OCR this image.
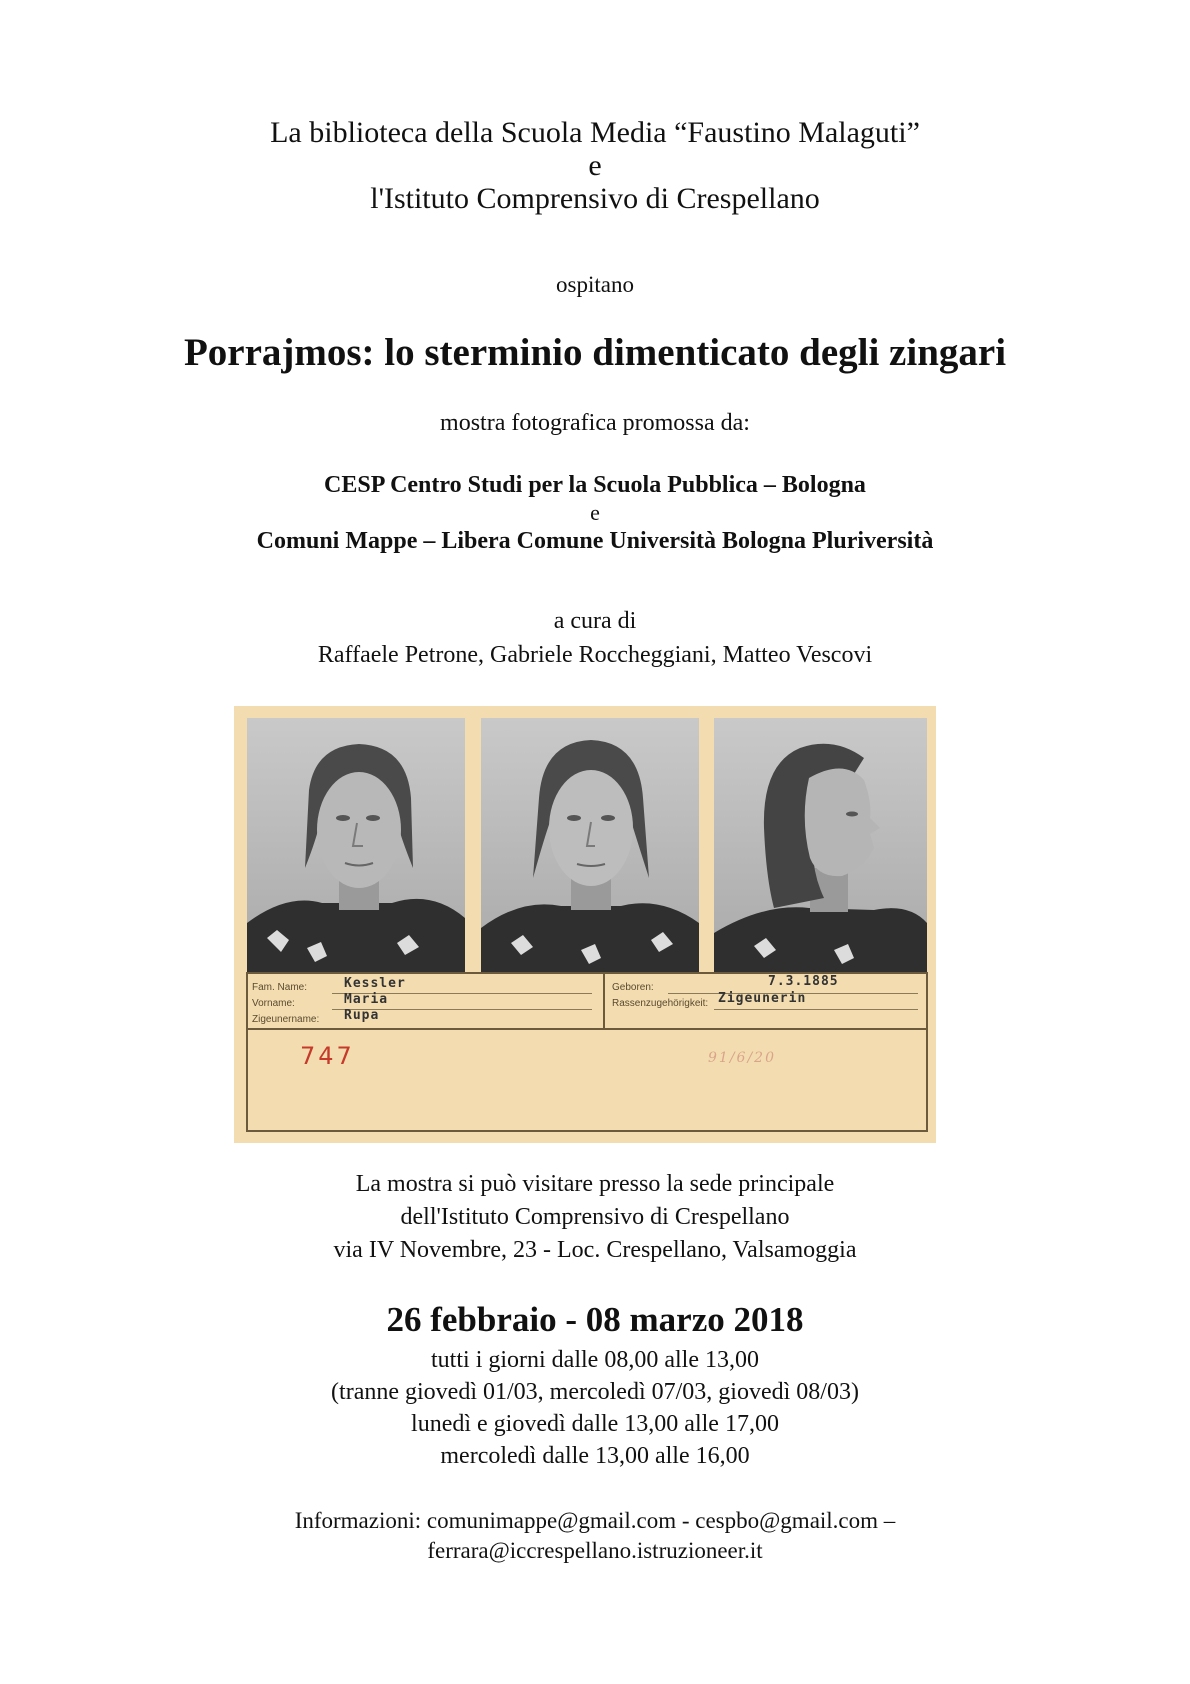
La biblioteca della Scuola Media “Faustino Malaguti”
e
l'Istituto Comprensivo di Crespellano
ospitano
Porrajmos: lo sterminio dimenticato degli zingari
mostra fotografica promossa da:
CESP Centro Studi per la Scuola Pubblica – Bologna
e
Comuni Mappe – Libera Comune Università Bologna Pluriversità
a cura di
Raffaele Petrone, Gabriele Roccheggiani, Matteo Vescovi
Fam. Name:	Kessler
Vorname:	Maria
Zigeunername: Rupa
Geboren:	7.3.1885
Rassenzugehörigkeit: Zigeunerin
747	91/6/20
La mostra si può visitare presso la sede principale
dell'Istituto Comprensivo di Crespellano
via IV Novembre, 23 - Loc. Crespellano, Valsamoggia
26 febbraio - 08 marzo 2018
tutti i giorni dalle 08,00 alle 13,00
(tranne giovedì 01/03, mercoledì 07/03, giovedì 08/03)
lunedì e giovedì dalle 13,00 alle 17,00
mercoledì dalle 13,00 alle 16,00
Informazioni: comunimappe@gmail.com - cespbo@gmail.com –
ferrara@iccrespellano.istruzioneer.it
